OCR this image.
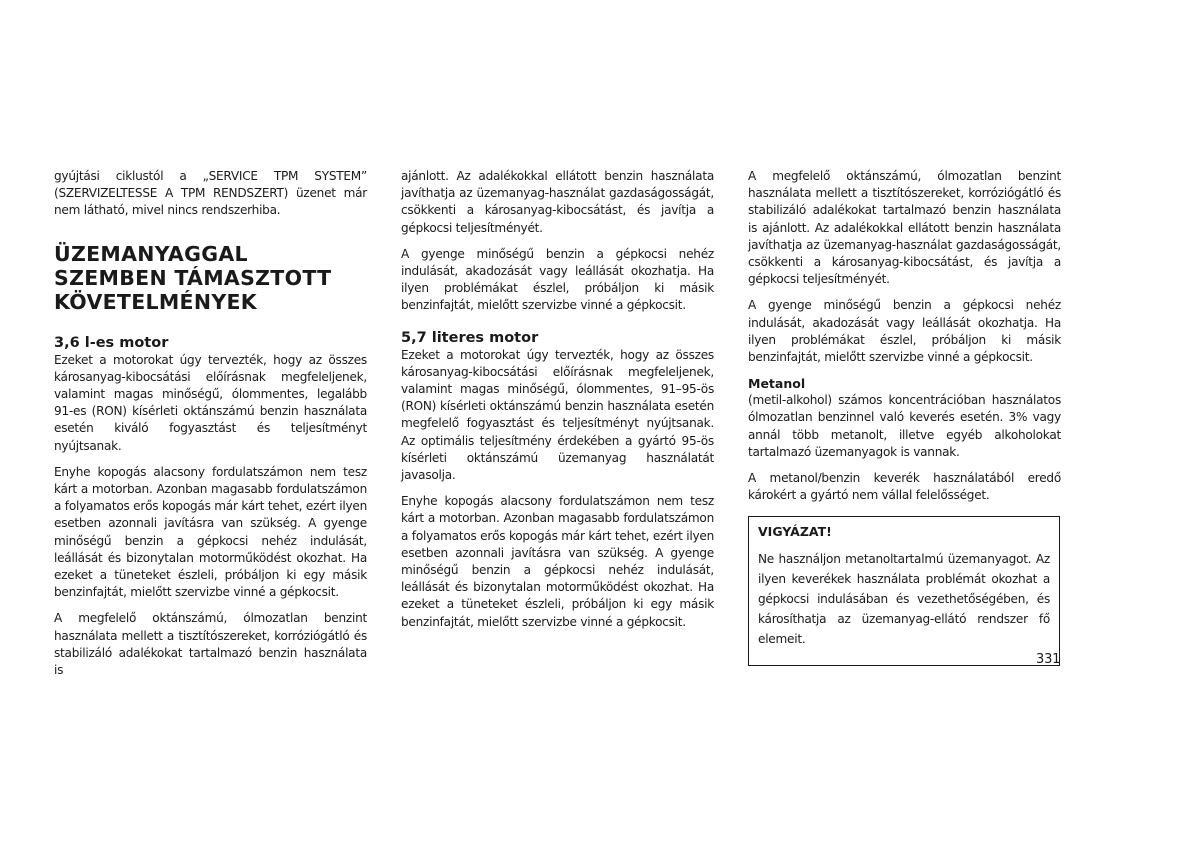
gyújtási ciklustól a „SERVICE TPM SYSTEM” (SZERVIZELTESSE A TPM RENDSZERT) üzenet már nem látható, mivel nincs rendszerhiba.

ÜZEMANYAGGAL SZEMBEN TÁMASZTOTT KÖVETELMÉNYEK
3,6 l-es motor

Ezeket a motorokat úgy tervezték, hogy az összes károsanyag-kibocsátási előírásnak megfeleljenek, valamint magas minőségű, ólommentes, legalább 91-es (RON) kísérleti oktánszámú benzin használata esetén kiváló fogyasztást és teljesítményt nyújtsanak.

Enyhe kopogás alacsony fordulatszámon nem tesz kárt a motorban. Azonban magasabb fordulatszámon a folyamatos erős kopogás már kárt tehet, ezért ilyen esetben azonnali javításra van szükség. A gyenge minőségű benzin a gépkocsi nehéz indulását, leállását és bizonytalan motorműködést okozhat. Ha ezeket a tüneteket észleli, próbáljon ki egy másik benzinfajtát, mielőtt szervizbe vinné a gépkocsit.

A megfelelő oktánszámú, ólmozatlan benzint használata mellett a tisztítószereket, korróziógátló és stabilizáló adalékokat tartalmazó benzin használata is

ajánlott. Az adalékokkal ellátott benzin használata javíthatja az üzemanyag-használat gazdaságosságát, csökkenti a károsanyag-kibocsátást, és javítja a gépkocsi teljesítményét.

A gyenge minőségű benzin a gépkocsi nehéz indulását, akadozását vagy leállását okozhatja. Ha ilyen problémákat észlel, próbáljon ki másik benzinfajtát, mielőtt szervizbe vinné a gépkocsit.

5,7 literes motor

Ezeket a motorokat úgy tervezték, hogy az összes károsanyag-kibocsátási előírásnak megfeleljenek, valamint magas minőségű, ólommentes, 91–95-ös (RON) kísérleti oktánszámú benzin használata esetén megfelelő fogyasztást és teljesítményt nyújtsanak. Az optimális teljesítmény érdekében a gyártó 95-ös kísérleti oktánszámú üzemanyag használatát javasolja.

Enyhe kopogás alacsony fordulatszámon nem tesz kárt a motorban. Azonban magasabb fordulatszámon a folyamatos erős kopogás már kárt tehet, ezért ilyen esetben azonnali javításra van szükség. A gyenge minőségű benzin a gépkocsi nehéz indulását, leállását és bizonytalan motorműködést okozhat. Ha ezeket a tüneteket észleli, próbáljon ki egy másik benzinfajtát, mielőtt szervizbe vinné a gépkocsit.

A megfelelő oktánszámú, ólmozatlan benzint használata mellett a tisztítószereket, korróziógátló és stabilizáló adalékokat tartalmazó benzin használata is ajánlott. Az adalékokkal ellátott benzin használata javíthatja az üzemanyag-használat gazdaságosságát, csökkenti a károsanyag-kibocsátást, és javítja a gépkocsi teljesítményét.

A gyenge minőségű benzin a gépkocsi nehéz indulását, akadozását vagy leállását okozhatja. Ha ilyen problémákat észlel, próbáljon ki másik benzinfajtát, mielőtt szervizbe vinné a gépkocsit.

Metanol

(metil-alkohol) számos koncentrációban használatos ólmozatlan benzinnel való keverés esetén. 3% vagy annál több metanolt, illetve egyéb alkoholokat tartalmazó üzemanyagok is vannak.

A metanol/benzin keverék használatából eredő károkért a gyártó nem vállal felelősséget.

VIGYÁZAT!

Ne használjon metanoltartalmú üzemanyagot. Az ilyen keverékek használata problémát okozhat a gépkocsi indulásában és vezethetőségében, és károsíthatja az üzemanyag-ellátó rendszer fő elemeit.

331
